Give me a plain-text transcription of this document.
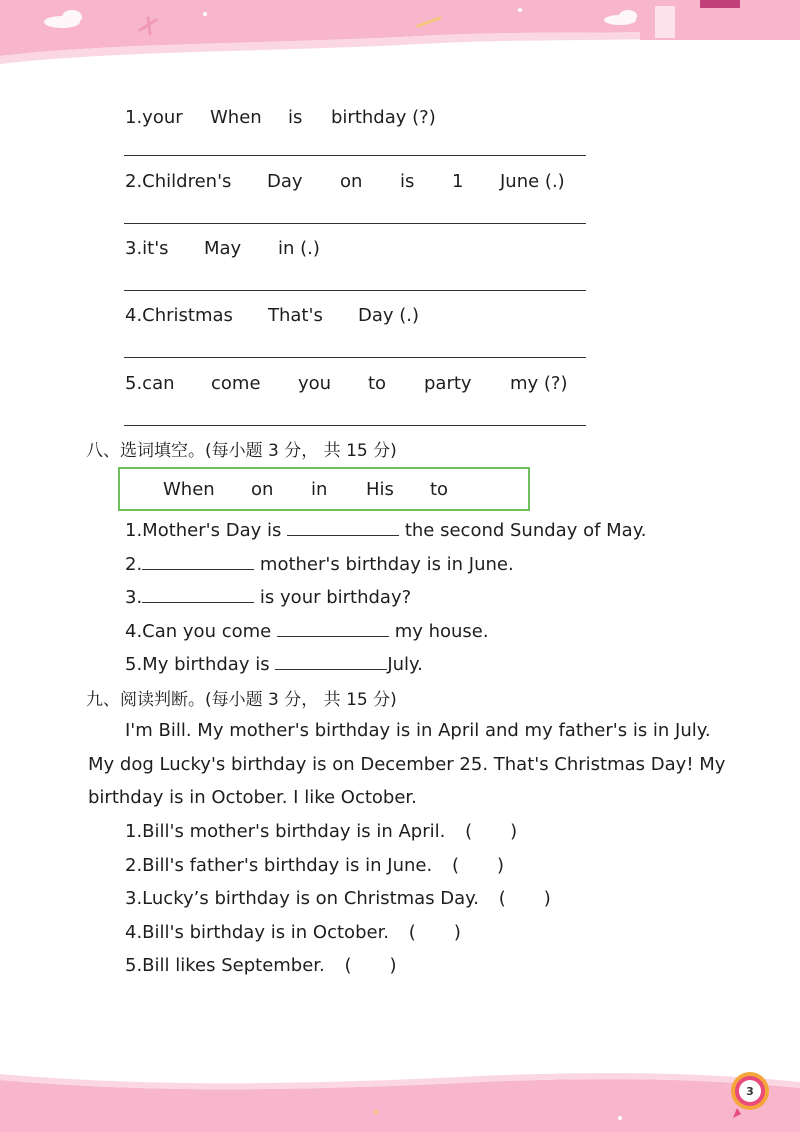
1.your When is birthday (?)
2.Children's Day on is 1 June (.)
3.it's May in (.)
4.Christmas That's Day (.)
5.can come you to party my (?)
八、选词填空。(每小题 3 分， 共 15 分)
When on in His to
1.Mother's Day is	the second Sunday of May.
2.	mother's birthday is in June.
3.	is your birthday?
4.Can you come	my house.
5.My birthday is	July.
九、阅读判断。(每小题 3 分， 共 15 分)
I'm Bill. My mother's birthday is in April and my father's is in July.
My dog Lucky's birthday is on December 25. That's Christmas Day! My
birthday is in October. I like October.
1.Bill's mother's birthday is in April. ( )
2.Bill's father's birthday is in June. ( )
3.Lucky’s birthday is on Christmas Day. ( )
4.Bill's birthday is in October. ( )
5.Bill likes September. ( )
3
